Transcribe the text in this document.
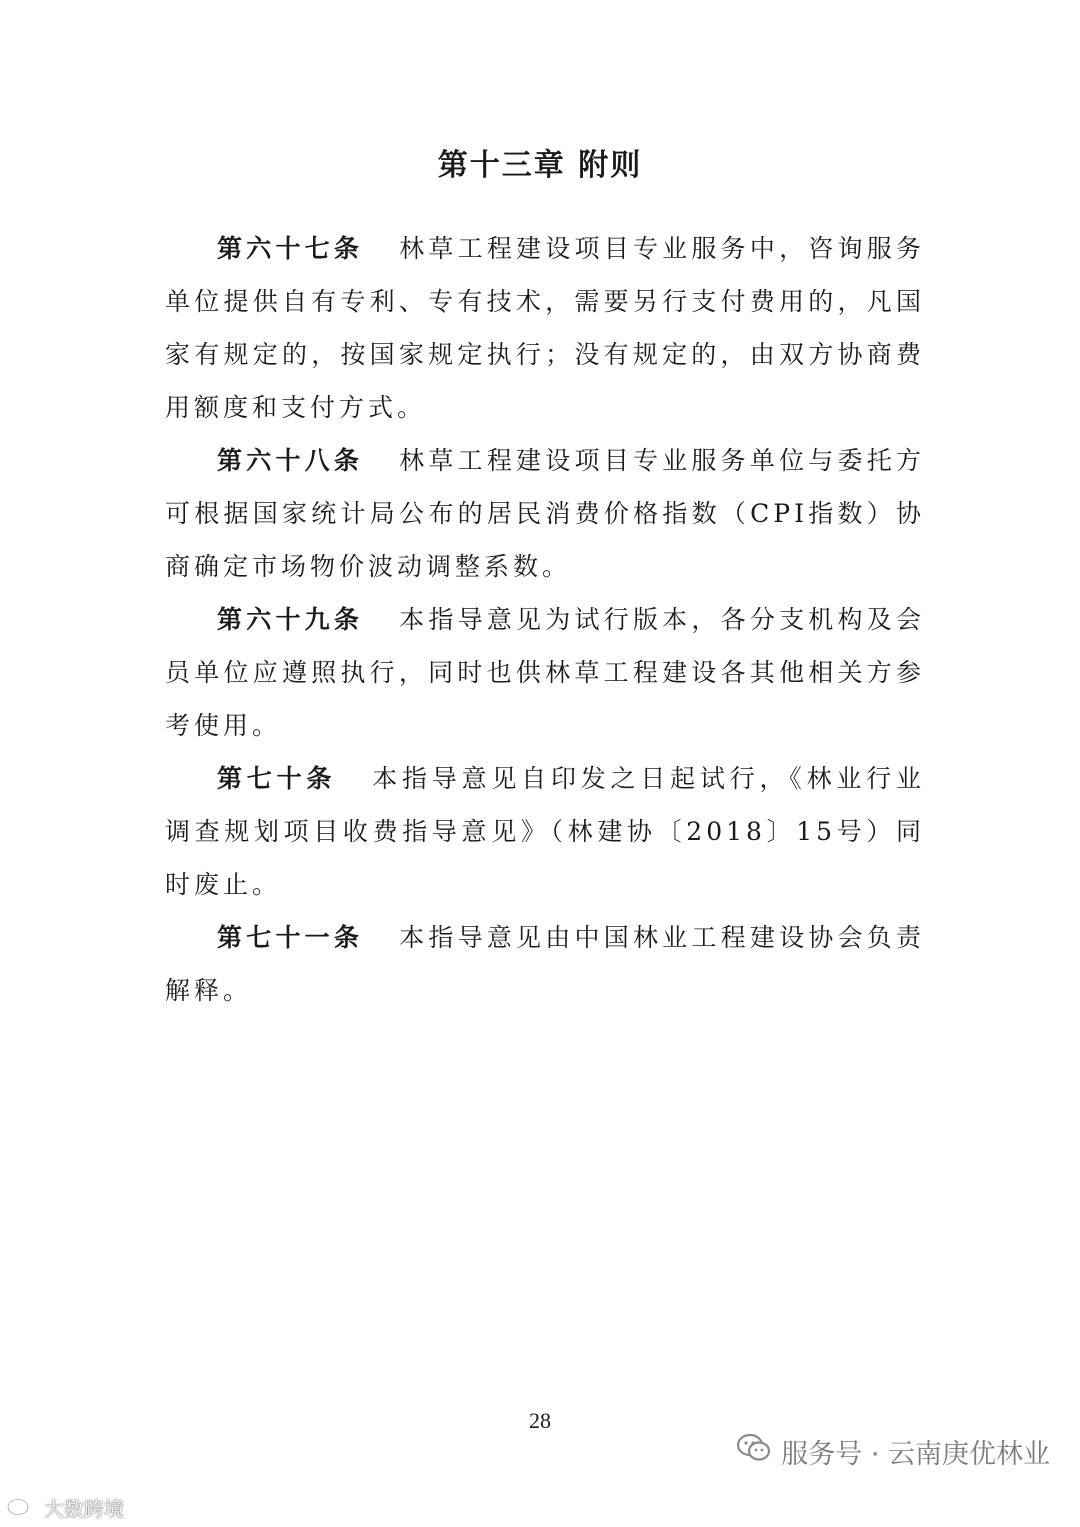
第十三章 附则

第六十七条 林草工程建设项目专业服务中，咨询服务单位提供自有专利、专有技术，需要另行支付费用的，凡国家有规定的，按国家规定执行；没有规定的，由双方协商费用额度和支付方式。

第六十八条 林草工程建设项目专业服务单位与委托方可根据国家统计局公布的居民消费价格指数（CPI指数）协商确定市场物价波动调整系数。

第六十九条 本指导意见为试行版本，各分支机构及会员单位应遵照执行，同时也供林草工程建设各其他相关方参考使用。

第七十条 本指导意见自印发之日起试行，《林业行业调查规划项目收费指导意见》（林建协〔2018〕15号）同时废止。

第七十一条 本指导意见由中国林业工程建设协会负责解释。

28
服务号 · 云南庚优林业
大数跨境
